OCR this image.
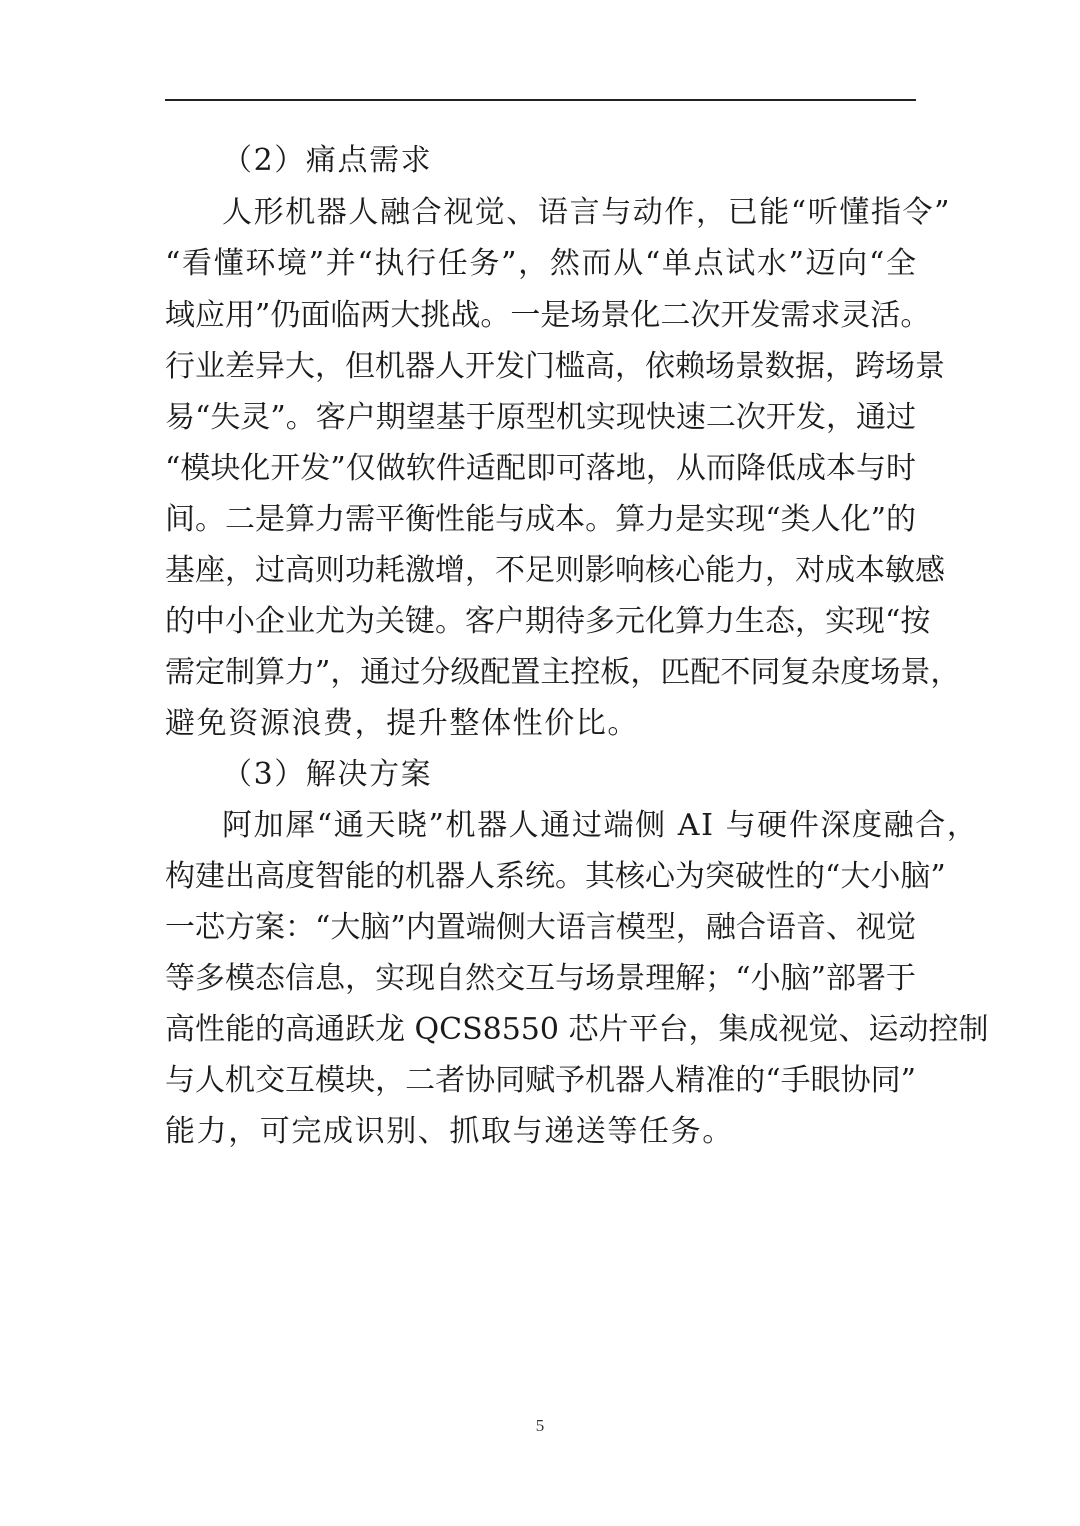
（2）痛点需求
人形机器人融合视觉、语言与动作，已能“听懂指令”
“看懂环境”并“执行任务”，然而从“单点试水”迈向“全
域应用”仍面临两大挑战。一是场景化二次开发需求灵活。
行业差异大，但机器人开发门槛高，依赖场景数据，跨场景
易“失灵”。客户期望基于原型机实现快速二次开发，通过
“模块化开发”仅做软件适配即可落地，从而降低成本与时
间。二是算力需平衡性能与成本。算力是实现“类人化”的
基座，过高则功耗激增，不足则影响核心能力，对成本敏感
的中小企业尤为关键。客户期待多元化算力生态，实现“按
需定制算力”，通过分级配置主控板，匹配不同复杂度场景，
避免资源浪费，提升整体性价比。
（3）解决方案
阿加犀“通天晓”机器人通过端侧 AI 与硬件深度融合，
构建出高度智能的机器人系统。其核心为突破性的“大小脑”
一芯方案：“大脑”内置端侧大语言模型，融合语音、视觉
等多模态信息，实现自然交互与场景理解；“小脑”部署于
高性能的高通跃龙 QCS8550 芯片平台，集成视觉、运动控制
与人机交互模块，二者协同赋予机器人精准的“手眼协同”
能力，可完成识别、抓取与递送等任务。
5
